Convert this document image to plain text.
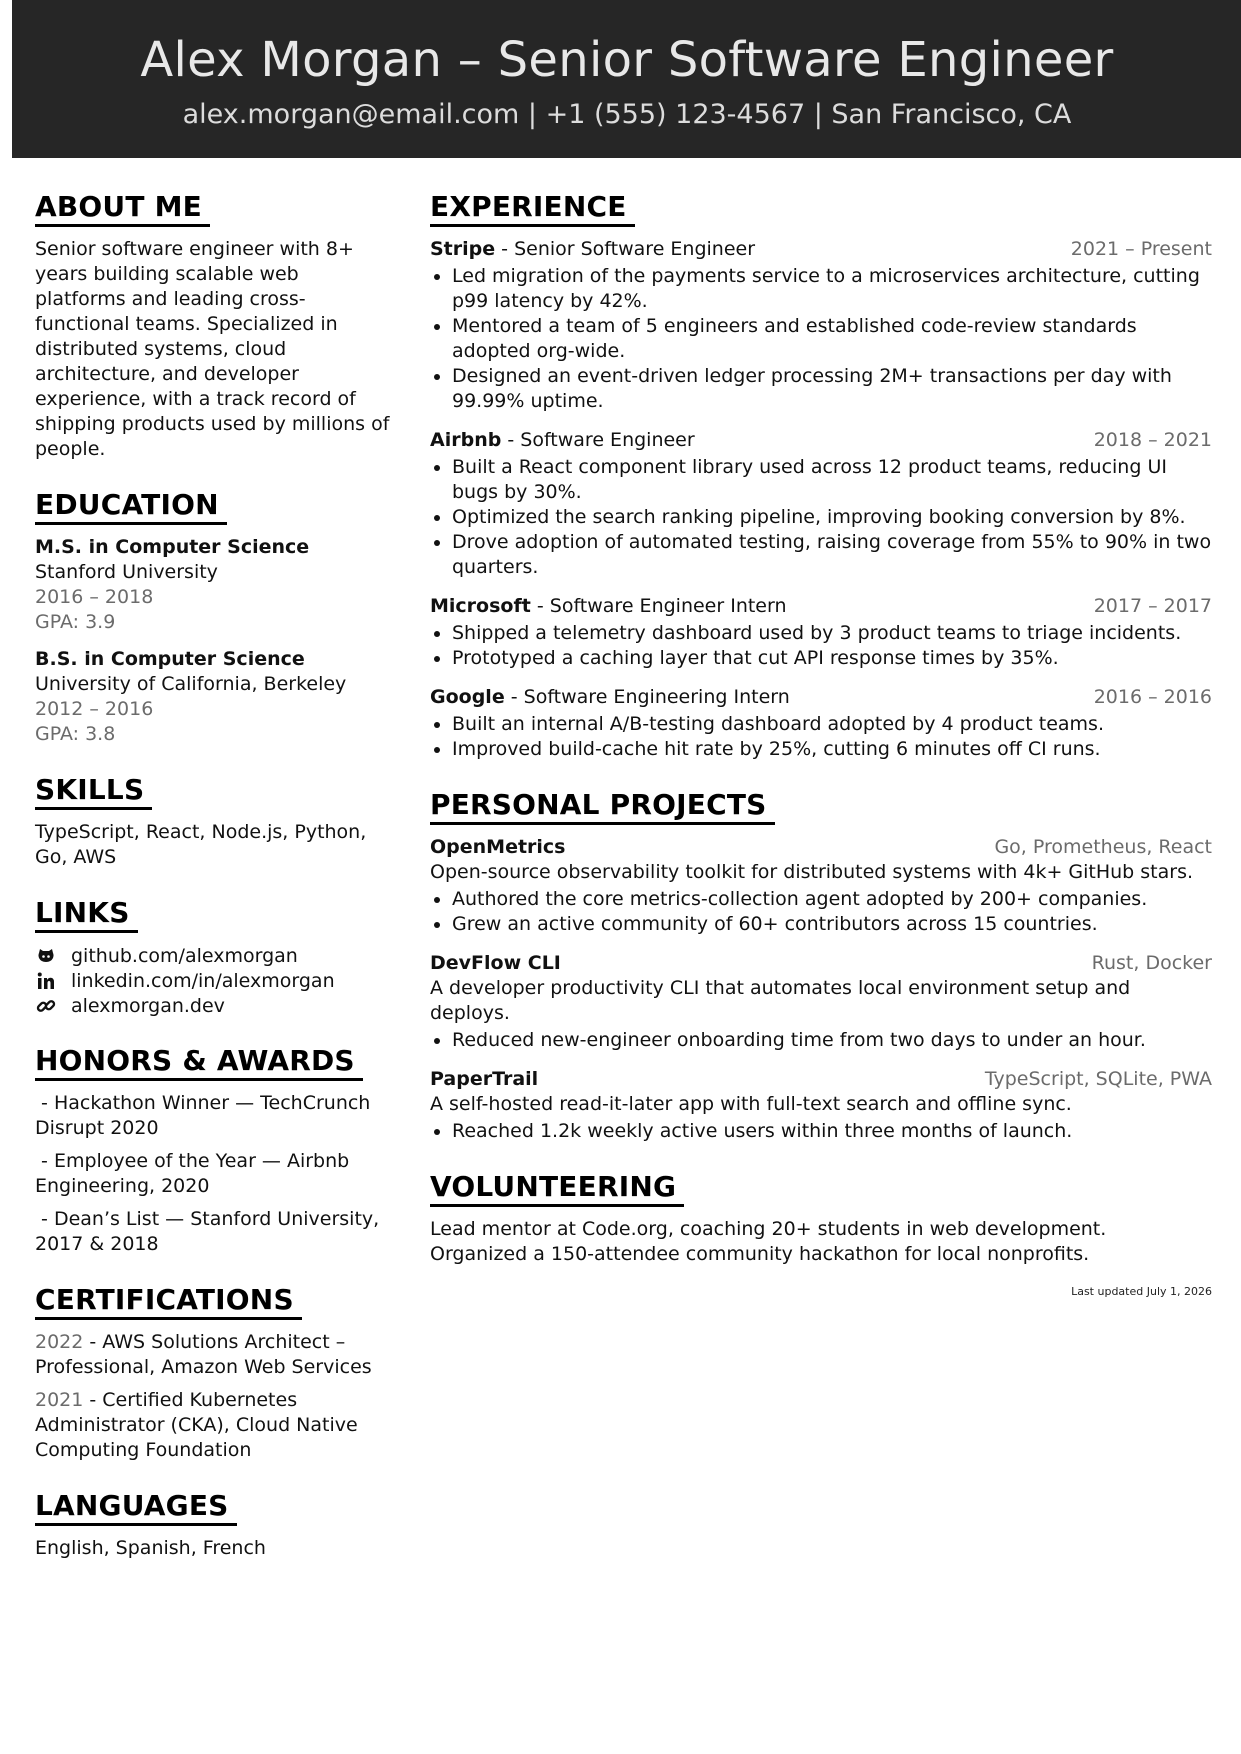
Alex Morgan – Senior Software Engineer
alex.morgan@email.com | +1 (555) 123-4567 | San Francisco, CA
ABOUT ME
Senior software engineer with 8+ years building scalable web platforms and leading cross-functional teams. Specialized in distributed systems, cloud architecture, and developer experience, with a track record of shipping products used by millions of people.
EDUCATION
M.S. in Computer Science
Stanford University
2016 – 2018
GPA: 3.9
B.S. in Computer Science
University of California, Berkeley
2012 – 2016
GPA: 3.8
SKILLS
TypeScript, React, Node.js, Python, Go, AWS
LINKS
github.com/alexmorgan
linkedin.com/in/alexmorgan
alexmorgan.dev
HONORS & AWARDS
- Hackathon Winner — TechCrunch Disrupt 2020
- Employee of the Year — Airbnb Engineering, 2020
- Dean’s List — Stanford University, 2017 & 2018
CERTIFICATIONS
2022 - AWS Solutions Architect – Professional, Amazon Web Services
2021 - Certified Kubernetes Administrator (CKA), Cloud Native Computing Foundation
LANGUAGES
English, Spanish, French
EXPERIENCE
Stripe - Senior Software Engineer	2021 – Present
• Led migration of the payments service to a microservices architecture, cutting p99 latency by 42%.
• Mentored a team of 5 engineers and established code-review standards adopted org-wide.
• Designed an event-driven ledger processing 2M+ transactions per day with 99.99% uptime.
Airbnb - Software Engineer	2018 – 2021
• Built a React component library used across 12 product teams, reducing UI bugs by 30%.
• Optimized the search ranking pipeline, improving booking conversion by 8%.
• Drove adoption of automated testing, raising coverage from 55% to 90% in two quarters.
Microsoft - Software Engineer Intern	2017 – 2017
• Shipped a telemetry dashboard used by 3 product teams to triage incidents.
• Prototyped a caching layer that cut API response times by 35%.
Google - Software Engineering Intern	2016 – 2016
• Built an internal A/B-testing dashboard adopted by 4 product teams.
• Improved build-cache hit rate by 25%, cutting 6 minutes off CI runs.
PERSONAL PROJECTS
OpenMetrics	Go, Prometheus, React
Open-source observability toolkit for distributed systems with 4k+ GitHub stars.
• Authored the core metrics-collection agent adopted by 200+ companies.
• Grew an active community of 60+ contributors across 15 countries.
DevFlow CLI	Rust, Docker
A developer productivity CLI that automates local environment setup and deploys.
• Reduced new-engineer onboarding time from two days to under an hour.
PaperTrail	TypeScript, SQLite, PWA
A self-hosted read-it-later app with full-text search and offline sync.
• Reached 1.2k weekly active users within three months of launch.
VOLUNTEERING
Lead mentor at Code.org, coaching 20+ students in web development.
Organized a 150-attendee community hackathon for local nonprofits.
Last updated July 1, 2026
